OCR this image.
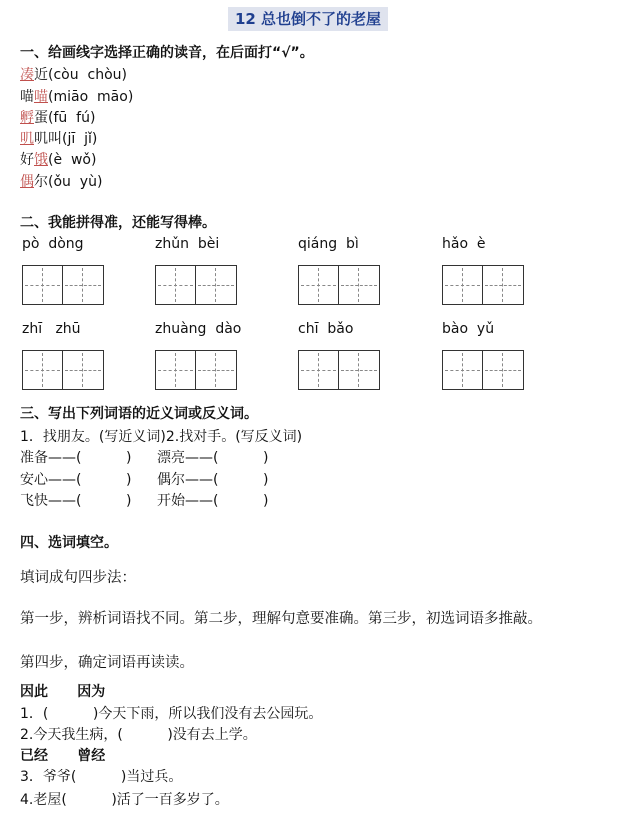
12 总也倒不了的老屋
一、给画线字选择正确的读音，在后面打“√”。
凑近(còu  chòu)
喵喵(miāo  māo)
孵蛋(fū  fú)
叽叽叫(jī  jǐ)
好饿(è  wǒ)
偶尔(ǒu  yù)
二、我能拼得准，还能写得棒。
pò  dòng	zhǔn  bèi	qiáng  bì	hǎo  è
zhī   zhū	zhuàng  dào	chī  bǎo	bào  yǔ
三、写出下列词语的近义词或反义词。
1．找朋友。(写近义词)2.找对手。(写反义词)
准备——(          ) 漂亮——(          )
安心——(          ) 偶尔——(          )
飞快——(          ) 开始——(          )
四、选词填空。
填词成句四步法：
第一步，辨析词语找不同。第二步，理解句意要准确。第三步，初选词语多推敲。
第四步，确定词语再读读。
因此      因为
1．(          )今天下雨，所以我们没有去公园玩。
2.今天我生病，(          )没有去上学。
已经      曾经
3．爷爷(          )当过兵。
4.老屋(          )活了一百多岁了。
